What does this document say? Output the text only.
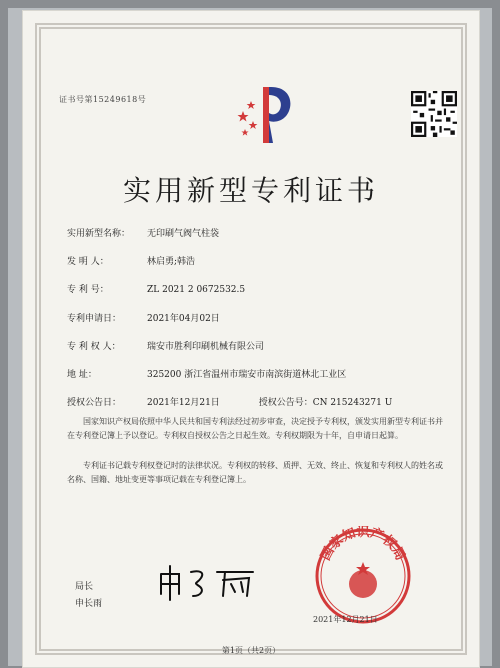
证书号第15249618号
实用新型专利证书
实用新型名称： 无印刷气阀气柱袋
发 明 人：	林启勇;韩浩
专 利 号：	ZL 2021 2 0672532.5
专利申请日：	2021年04月02日
专 利 权 人：	瑞安市胜利印刷机械有限公司
地 址：	325200 浙江省温州市瑞安市南滨街道林北工业区
授权公告日：	2021年12月21日	授权公告号：CN 215243271 U
国家知识产权局依照中华人民共和国专利法经过初步审查，决定授予专利权，颁发实用新型专利证书并在专利登记簿上予以登记。专利权自授权公告之日起生效。专利权期限为十年，自申请日起算。
专利证书记载专利权登记时的法律状况。专利权的转移、质押、无效、终止、恢复和专利权人的姓名或名称、国籍、地址变更等事项记载在专利登记簿上。
局长
申长雨
国家知识产权局
2021年12月21日
第1页（共2页）
